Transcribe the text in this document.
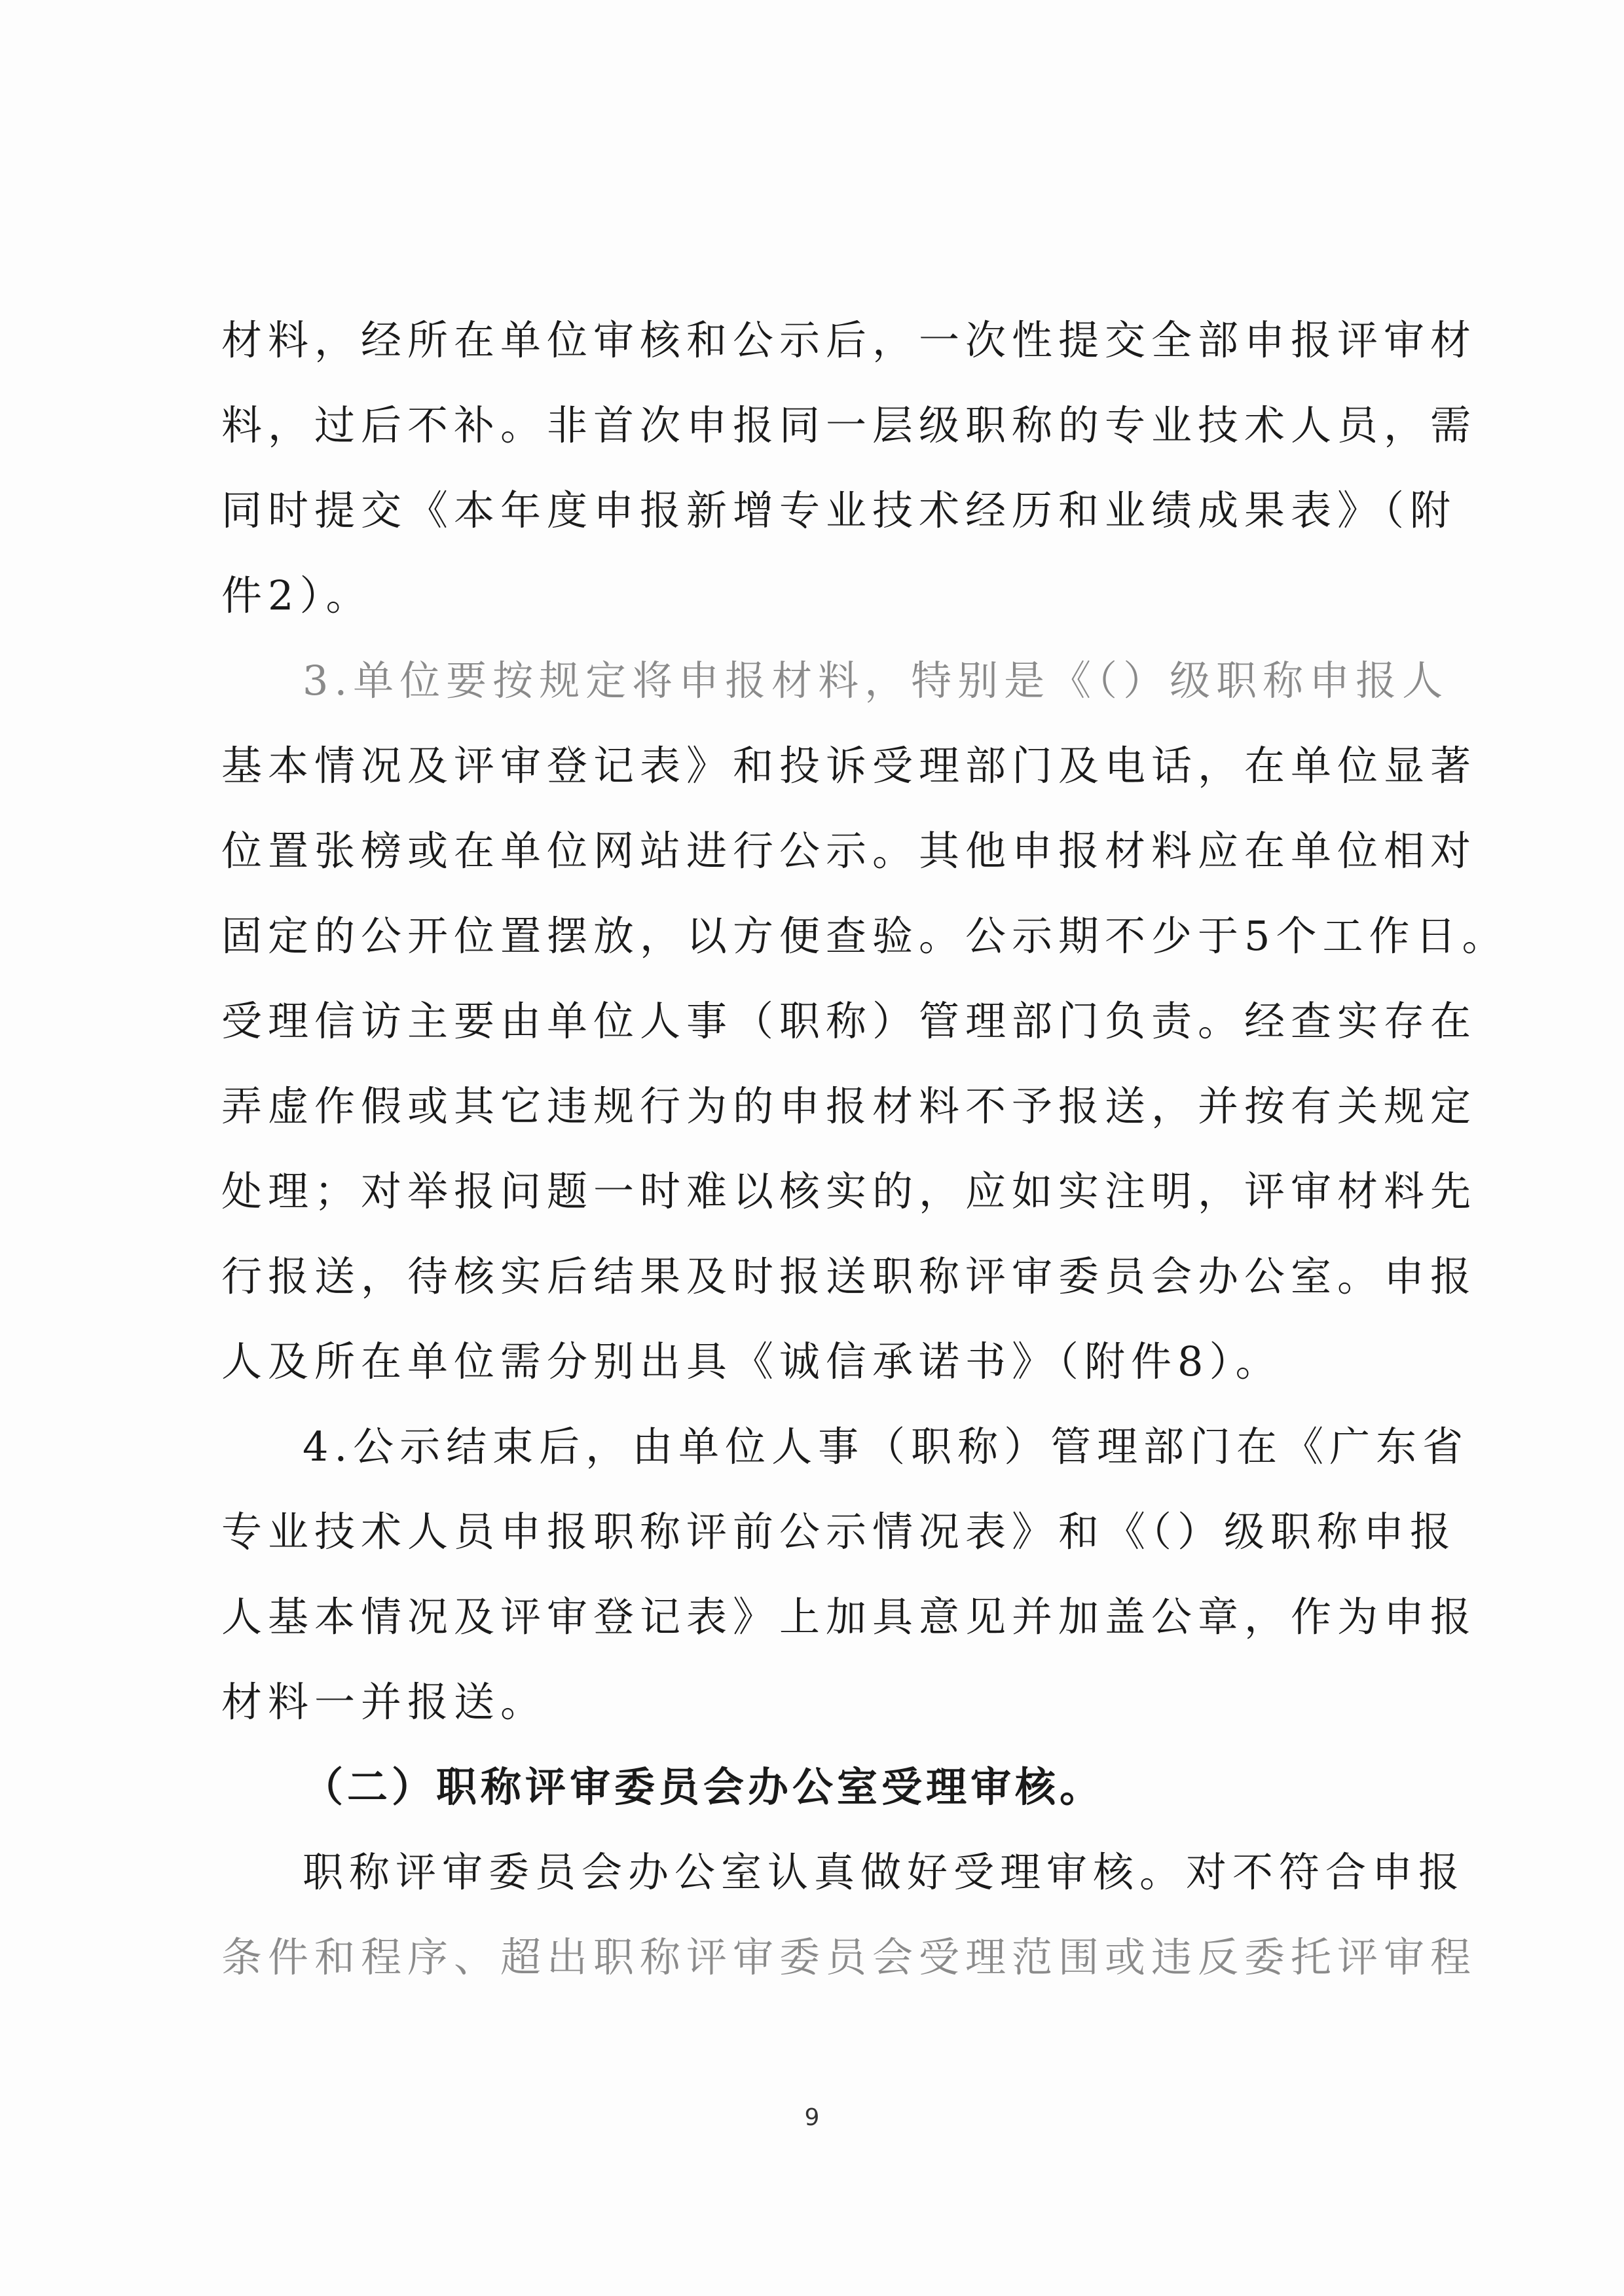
材料，经所在单位审核和公示后，一次性提交全部申报评审材
料，过后不补。非首次申报同一层级职称的专业技术人员，需
同时提交《本年度申报新增专业技术经历和业绩成果表》（附
件2）。
3.单位要按规定将申报材料，特别是《（）级职称申报人
基本情况及评审登记表》和投诉受理部门及电话，在单位显著
位置张榜或在单位网站进行公示。其他申报材料应在单位相对
固定的公开位置摆放，以方便查验。公示期不少于5个工作日。
受理信访主要由单位人事（职称）管理部门负责。经查实存在
弄虚作假或其它违规行为的申报材料不予报送，并按有关规定
处理；对举报问题一时难以核实的，应如实注明，评审材料先
行报送，待核实后结果及时报送职称评审委员会办公室。申报
人及所在单位需分别出具《诚信承诺书》（附件8）。
4.公示结束后，由单位人事（职称）管理部门在《广东省
专业技术人员申报职称评前公示情况表》和《（）级职称申报
人基本情况及评审登记表》上加具意见并加盖公章，作为申报
材料一并报送。
（二）职称评审委员会办公室受理审核。
职称评审委员会办公室认真做好受理审核。对不符合申报
条件和程序、超出职称评审委员会受理范围或违反委托评审程
9
